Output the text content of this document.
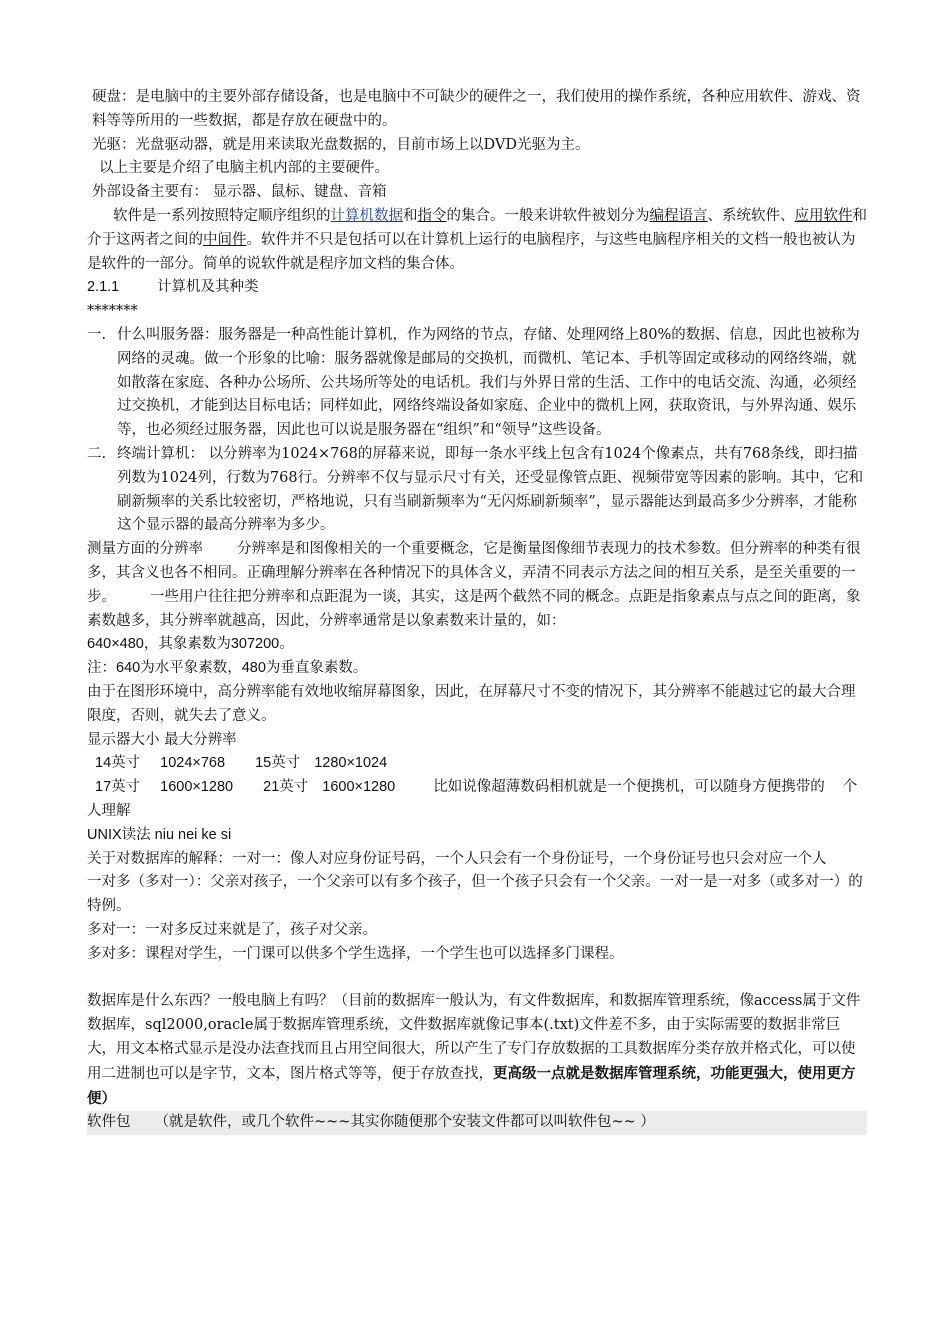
硬盘：是电脑中的主要外部存储设备，也是电脑中不可缺少的硬件之一，我们使用的操作系统，各种应用软件、游戏、资料等等所用的一些数据，都是存放在硬盘中的。

光驱：光盘驱动器，就是用来读取光盘数据的，目前市场上以DVD光驱为主。

以上主要是介绍了电脑主机内部的主要硬件。

外部设备主要有： 显示器、鼠标、键盘、音箱

软件是一系列按照特定顺序组织的计算机数据和指令的集合。一般来讲软件被划分为编程语言、系统软件、应用软件和介于这两者之间的中间件。软件并不只是包括可以在计算机上运行的电脑程序，与这些电脑程序相关的文档一般也被认为是软件的一部分。简单的说软件就是程序加文档的集合体。

2.1.1	计算机及其种类

*******

一. 什么叫服务器：服务器是一种高性能计算机，作为网络的节点，存储、处理网络上80%的数据、信息，因此也被称为网络的灵魂。做一个形象的比喻：服务器就像是邮局的交换机，而微机、笔记本、手机等固定或移动的网络终端，就如散落在家庭、各种办公场所、公共场所等处的电话机。我们与外界日常的生活、工作中的电话交流、沟通，必须经过交换机，才能到达目标电话；同样如此，网络终端设备如家庭、企业中的微机上网，获取资讯，与外界沟通、娱乐等，也必须经过服务器，因此也可以说是服务器在“组织”和“领导”这些设备。
二. 终端计算机： 以分辨率为1024×768的屏幕来说，即每一条水平线上包含有1024个像素点，共有768条线，即扫描列数为1024列，行数为768行。分辨率不仅与显示尺寸有关，还受显像管点距、视频带宽等因素的影响。其中，它和刷新频率的关系比较密切，严格地说，只有当刷新频率为“无闪烁刷新频率”，显示器能达到最高多少分辨率，才能称这个显示器的最高分辨率为多少。

测量方面的分辨率 分辨率是和图像相关的一个重要概念，它是衡量图像细节表现力的技术参数。但分辨率的种类有很多，其含义也各不相同。正确理解分辨率在各种情况下的具体含义，弄清不同表示方法之间的相互关系，是至关重要的一步。 一些用户往往把分辨率和点距混为一谈，其实，这是两个截然不同的概念。点距是指象素点与点之间的距离，象素数越多，其分辨率就越高，因此，分辨率通常是以象素数来计量的，如：

640×480，其象素数为307200。

注：640为水平象素数，480为垂直象素数。

由于在图形环境中，高分辨率能有效地收缩屏幕图象，因此，在屏幕尺寸不变的情况下，其分辨率不能越过它的最大合理限度，否则，就失去了意义。

显示器大小 最大分辨率

14英寸 1024×768 15英寸 1280×1024

17英寸 1600×1280 21英寸 1600×1280	比如说像超薄数码相机就是一个便携机，可以随身方便携带的 个人理解

UNIX读法 niu nei ke si

关于对数据库的解释：一对一：像人对应身份证号码，一个人只会有一个身份证号，一个身份证号也只会对应一个人

一对多（多对一）：父亲对孩子，一个父亲可以有多个孩子，但一个孩子只会有一个父亲。一对一是一对多（或多对一）的特例。

多对一：一对多反过来就是了，孩子对父亲。

多对多：课程对学生，一门课可以供多个学生选择，一个学生也可以选择多门课程。

数据库是什么东西？一般电脑上有吗？（目前的数据库一般认为，有文件数据库，和数据库管理系统，像access属于文件数据库，sql2000,oracle属于数据库管理系统，文件数据库就像记事本(.txt)文件差不多，由于实际需要的数据非常巨大，用文本格式显示是没办法查找而且占用空间很大，所以产生了专门存放数据的工具数据库分类存放并格式化，可以使用二进制也可以是字节，文本，图片格式等等，便于存放查找，更高级一点就是数据库管理系统，功能更强大，使用更方便）

软件包 （就是软件，或几个软件~~~其实你随便那个安装文件都可以叫软件包~~ ）
